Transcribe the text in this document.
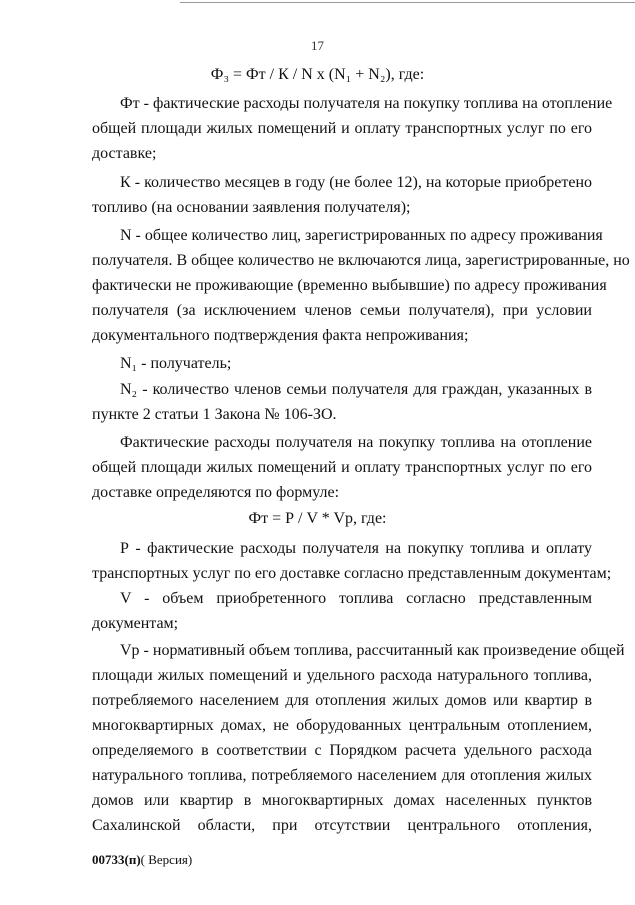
17
Ф₃ = Фт / К / N х (N₁ + N₂), где:
Фт - фактические расходы получателя на покупку топлива на отопление
общей площади жилых помещений и оплату транспортных услуг по его
доставке;
К - количество месяцев в году (не более 12), на которые приобретено
топливо (на основании заявления получателя);
N - общее количество лиц, зарегистрированных по адресу проживания
получателя. В общее количество не включаются лица, зарегистрированные, но
фактически не проживающие (временно выбывшие) по адресу проживания
получателя (за исключением членов семьи получателя), при условии
документального подтверждения факта непроживания;
N₁ - получатель;
N₂ - количество членов семьи получателя для граждан, указанных в
пункте 2 статьи 1 Закона № 106-ЗО.
Фактические расходы получателя на покупку топлива на отопление
общей площади жилых помещений и оплату транспортных услуг по его
доставке определяются по формуле:
Фт = Р / V * Vр, где:
Р - фактические расходы получателя на покупку топлива и оплату
транспортных услуг по его доставке согласно представленным документам;
V - объем приобретенного топлива согласно представленным
документам;
Vр - нормативный объем топлива, рассчитанный как произведение общей
площади жилых помещений и удельного расхода натурального топлива,
потребляемого населением для отопления жилых домов или квартир в
многоквартирных домах, не оборудованных центральным отоплением,
определяемого в соответствии с Порядком расчета удельного расхода
натурального топлива, потребляемого населением для отопления жилых
домов или квартир в многоквартирных домах населенных пунктов
Сахалинской области, при отсутствии центрального отопления,
00733(п)( Версия)
